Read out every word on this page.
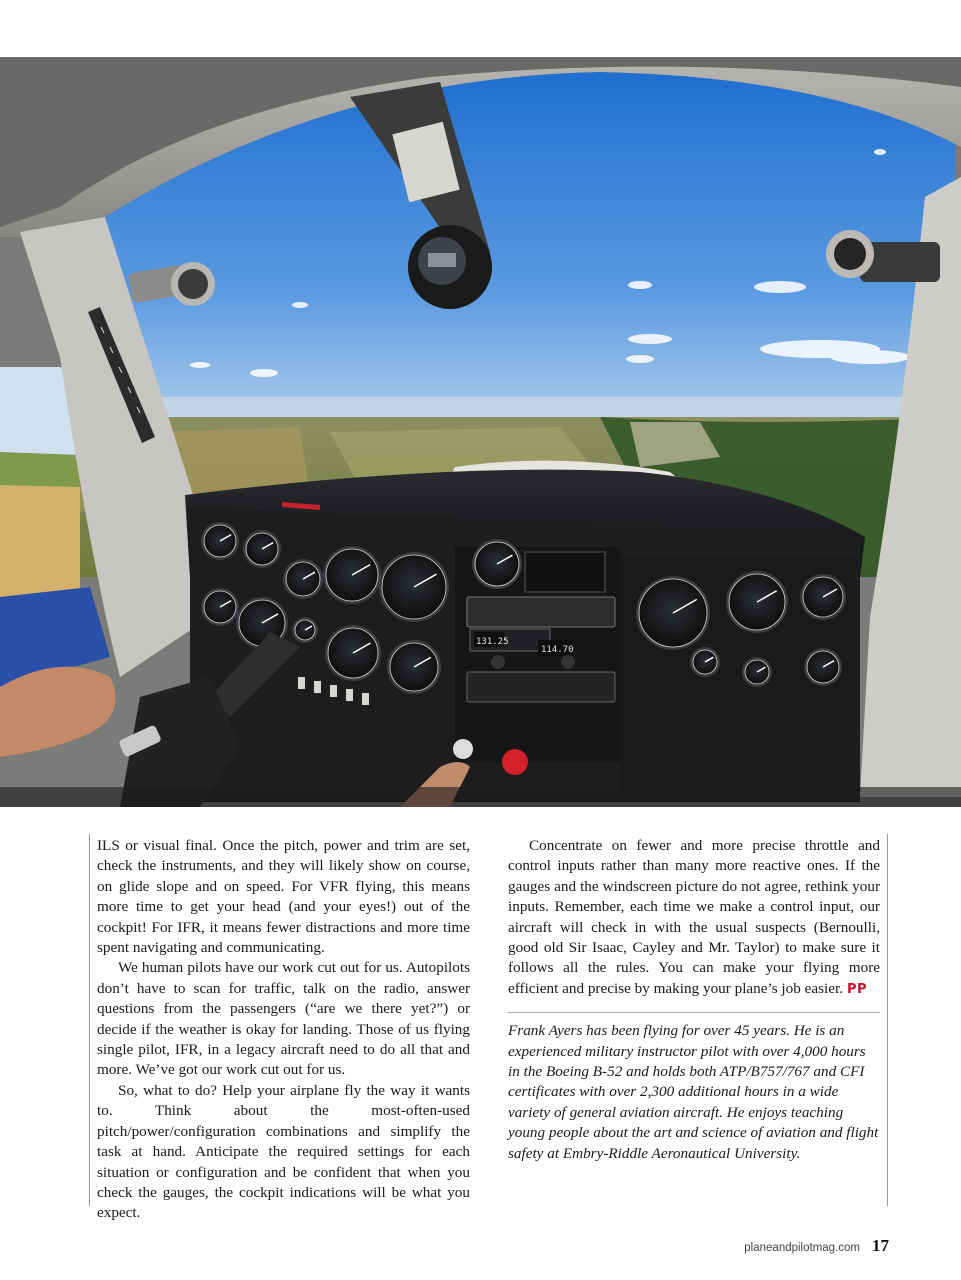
131.25
114.70

ILS or visual final. Once the pitch, power and trim are set, check the instruments, and they will likely show on course, on glide slope and on speed. For VFR flying, this means more time to get your head (and your eyes!) out of the cockpit! For IFR, it means fewer distractions and more time spent navigating and communicating.

We human pilots have our work cut out for us. Autopilots don’t have to scan for traffic, talk on the radio, answer questions from the passengers (“are we there yet?”) or decide if the weather is okay for landing. Those of us flying single pilot, IFR, in a legacy aircraft need to do all that and more. We’ve got our work cut out for us.

So, what to do? Help your airplane fly the way it wants to. Think about the most-often-used pitch/power/configuration combinations and simplify the task at hand. Anticipate the required settings for each situation or configuration and be confident that when you check the gauges, the cockpit indications will be what you expect.

Concentrate on fewer and more precise throttle and control inputs rather than many more reactive ones. If the gauges and the windscreen picture do not agree, rethink your inputs. Remember, each time we make a control input, our aircraft will check in with the usual suspects (Bernoulli, good old Sir Isaac, Cayley and Mr. Taylor) to make sure it follows all the rules. You can make your flying more efficient and precise by making your plane’s job easier. PP

Frank Ayers has been flying for over 45 years. He is an experienced military instructor pilot with over 4,000 hours in the Boeing B-52 and holds both ATP/B757/767 and CFI certificates with over 2,300 additional hours in a wide variety of general aviation aircraft. He enjoys teaching young people about the art and science of aviation and flight safety at Embry-Riddle Aeronautical University.

planeandpilotmag.com 17
